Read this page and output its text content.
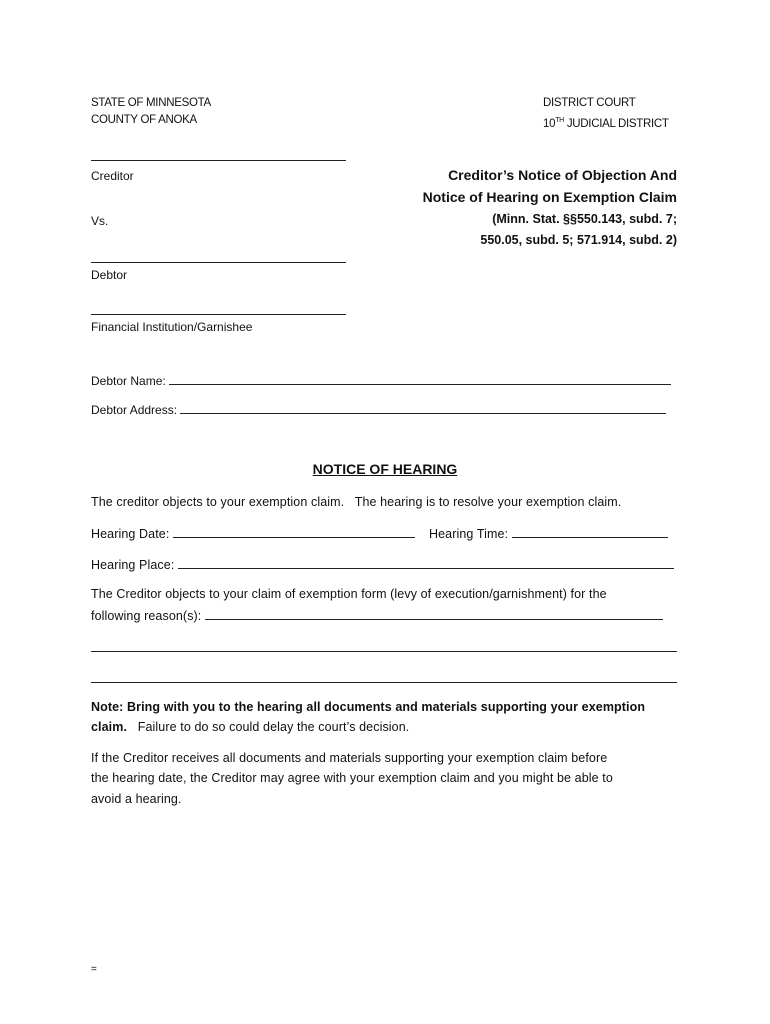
STATE OF MINNESOTA
COUNTY OF ANOKA
DISTRICT COURT
10TH JUDICIAL DISTRICT
Creditor
Vs.
Debtor
Financial Institution/Garnishee
Creditor’s Notice of Objection And
Notice of Hearing on Exemption Claim
(Minn. Stat. §§550.143, subd. 7;
550.05, subd. 5; 571.914, subd. 2)
Debtor Name:
Debtor Address:
NOTICE OF HEARING
The creditor objects to your exemption claim.   The hearing is to resolve your exemption claim.
Hearing Date:	Hearing Time:
Hearing Place:
The Creditor objects to your claim of exemption form (levy of execution/garnishment) for the
following reason(s):
Note: Bring with you to the hearing all documents and materials supporting your exemption
claim.   Failure to do so could delay the court’s decision.
If the Creditor receives all documents and materials supporting your exemption claim before
the hearing date, the Creditor may agree with your exemption claim and you might be able to
avoid a hearing.
=
